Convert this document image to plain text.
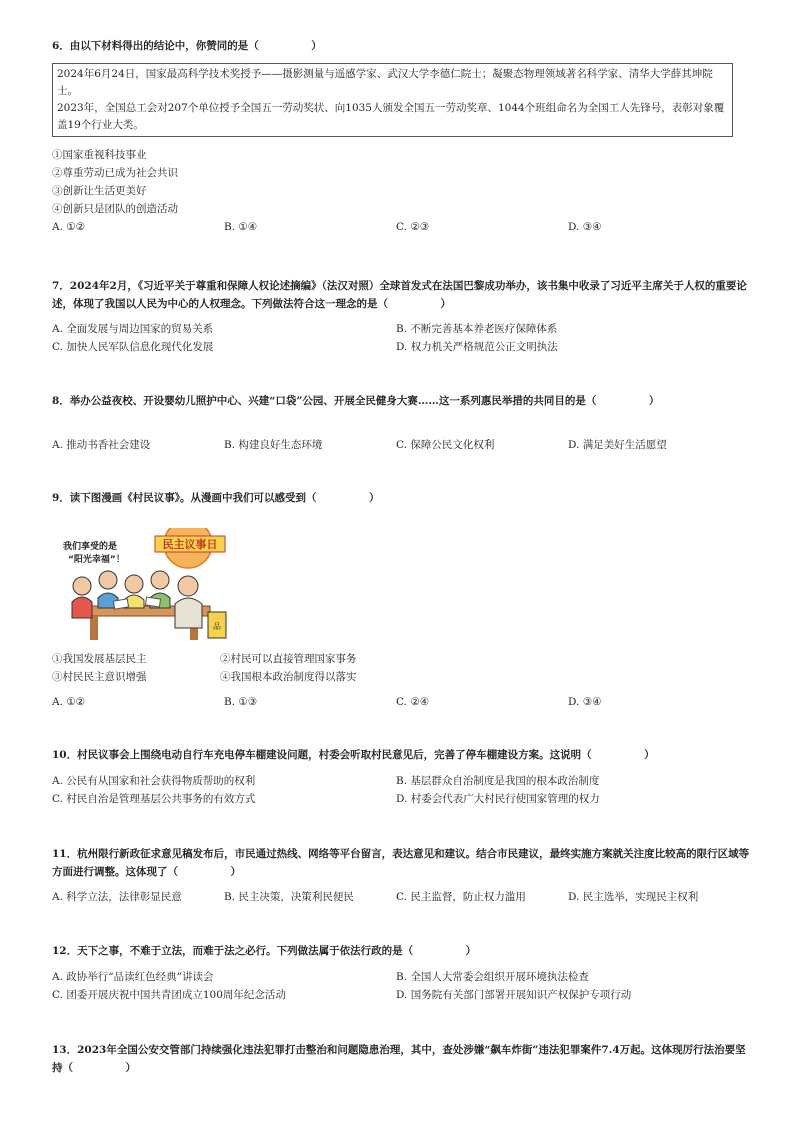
6．由以下材料得出的结论中，你赞同的是（　　　　　）

2024年6月24日，国家最高科学技术奖授予——摄影测量与遥感学家、武汉大学李德仁院士；凝聚态物理领域著名科学家、清华大学薛其坤院士。

2023年，全国总工会对207个单位授予全国五一劳动奖状、向1035人颁发全国五一劳动奖章、1044个班组命名为全国工人先锋号，表彰对象覆盖19个行业大类。

①国家重视科技事业
②尊重劳动已成为社会共识
③创新让生活更美好
④创新只是团队的创造活动
A. ①②	B. ①④	C. ②③	D. ③④
7．2024年2月，《习近平关于尊重和保障人权论述摘编》（法汉对照）全球首发式在法国巴黎成功举办，该书集中收录了习近平主席关于人权的重要论述，体现了我国以人民为中心的人权理念。下列做法符合这一理念的是（　　　　　）
A. 全面发展与周边国家的贸易关系	B. 不断完善基本养老医疗保障体系
C. 加快人民军队信息化现代化发展	D. 权力机关严格规范公正文明执法
8．举办公益夜校、开设婴幼儿照护中心、兴建“口袋”公园、开展全民健身大赛……这一系列惠民举措的共同目的是（　　　　　）
A. 推动书香社会建设	B. 构建良好生态环境	C. 保障公民文化权利	D. 满足美好生活愿望
9．读下图漫画《村民议事》。从漫画中我们可以感受到（　　　　　）
民主议事日
我们享受的是 “阳光幸福”！
品
①我国发展基层民主	②村民可以直接管理国家事务
③村民民主意识增强	④我国根本政治制度得以落实
A. ①②	B. ①③	C. ②④	D. ③④
10．村民议事会上围绕电动自行车充电停车棚建设问题，村委会听取村民意见后，完善了停车棚建设方案。这说明（　　　　　）
A. 公民有从国家和社会获得物质帮助的权利	B. 基层群众自治制度是我国的根本政治制度
C. 村民自治是管理基层公共事务的有效方式	D. 村委会代表广大村民行使国家管理的权力
11．杭州限行新政征求意见稿发布后，市民通过热线、网络等平台留言，表达意见和建议。结合市民建议，最终实施方案就关注度比较高的限行区域等方面进行调整。这体现了（　　　　　）
A. 科学立法，法律彰显民意	B. 民主决策，决策利民便民	C. 民主监督，防止权力滥用	D. 民主选举，实现民主权利
12．天下之事，不难于立法，而难于法之必行。下列做法属于依法行政的是（　　　　　）
A. 政协举行“品读红色经典”讲读会	B. 全国人大常委会组织开展环境执法检查
C. 团委开展庆祝中国共青团成立100周年纪念活动	D. 国务院有关部门部署开展知识产权保护专项行动
13．2023年全国公安交管部门持续强化违法犯罪打击整治和问题隐患治理，其中，查处涉嫌“飙车炸街”违法犯罪案件7.4万起。这体现厉行法治要坚持（　　　　　）
